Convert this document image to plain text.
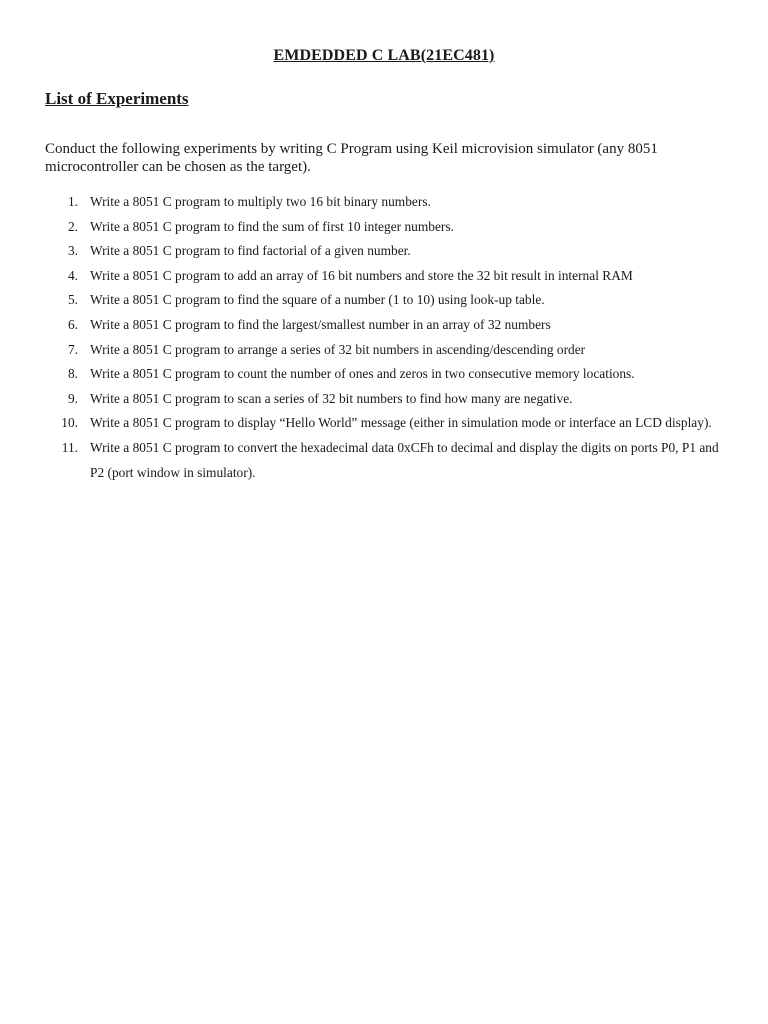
EMDEDDED C LAB(21EC481)
List of Experiments
Conduct the following experiments by writing C Program using Keil microvision simulator (any 8051 microcontroller can be chosen as the target).
1. Write a 8051 C program to multiply two 16 bit binary numbers.
2. Write a 8051 C program to find the sum of first 10 integer numbers.
3. Write a 8051 C program to find factorial of a given number.
4. Write a 8051 C program to add an array of 16 bit numbers and store the 32 bit result in internal RAM
5. Write a 8051 C program to find the square of a number (1 to 10) using look-up table.
6. Write a 8051 C program to find the largest/smallest number in an array of 32 numbers
7. Write a 8051 C program to arrange a series of 32 bit numbers in ascending/descending order
8. Write a 8051 C program to count the number of ones and zeros in two consecutive memory locations.
9. Write a 8051 C program to scan a series of 32 bit numbers to find how many are negative.
10. Write a 8051 C program to display “Hello World” message (either in simulation mode or interface an LCD display).
11. Write a 8051 C program to convert the hexadecimal data 0xCFh to decimal and display the digits on ports P0, P1 and P2 (port window in simulator).
